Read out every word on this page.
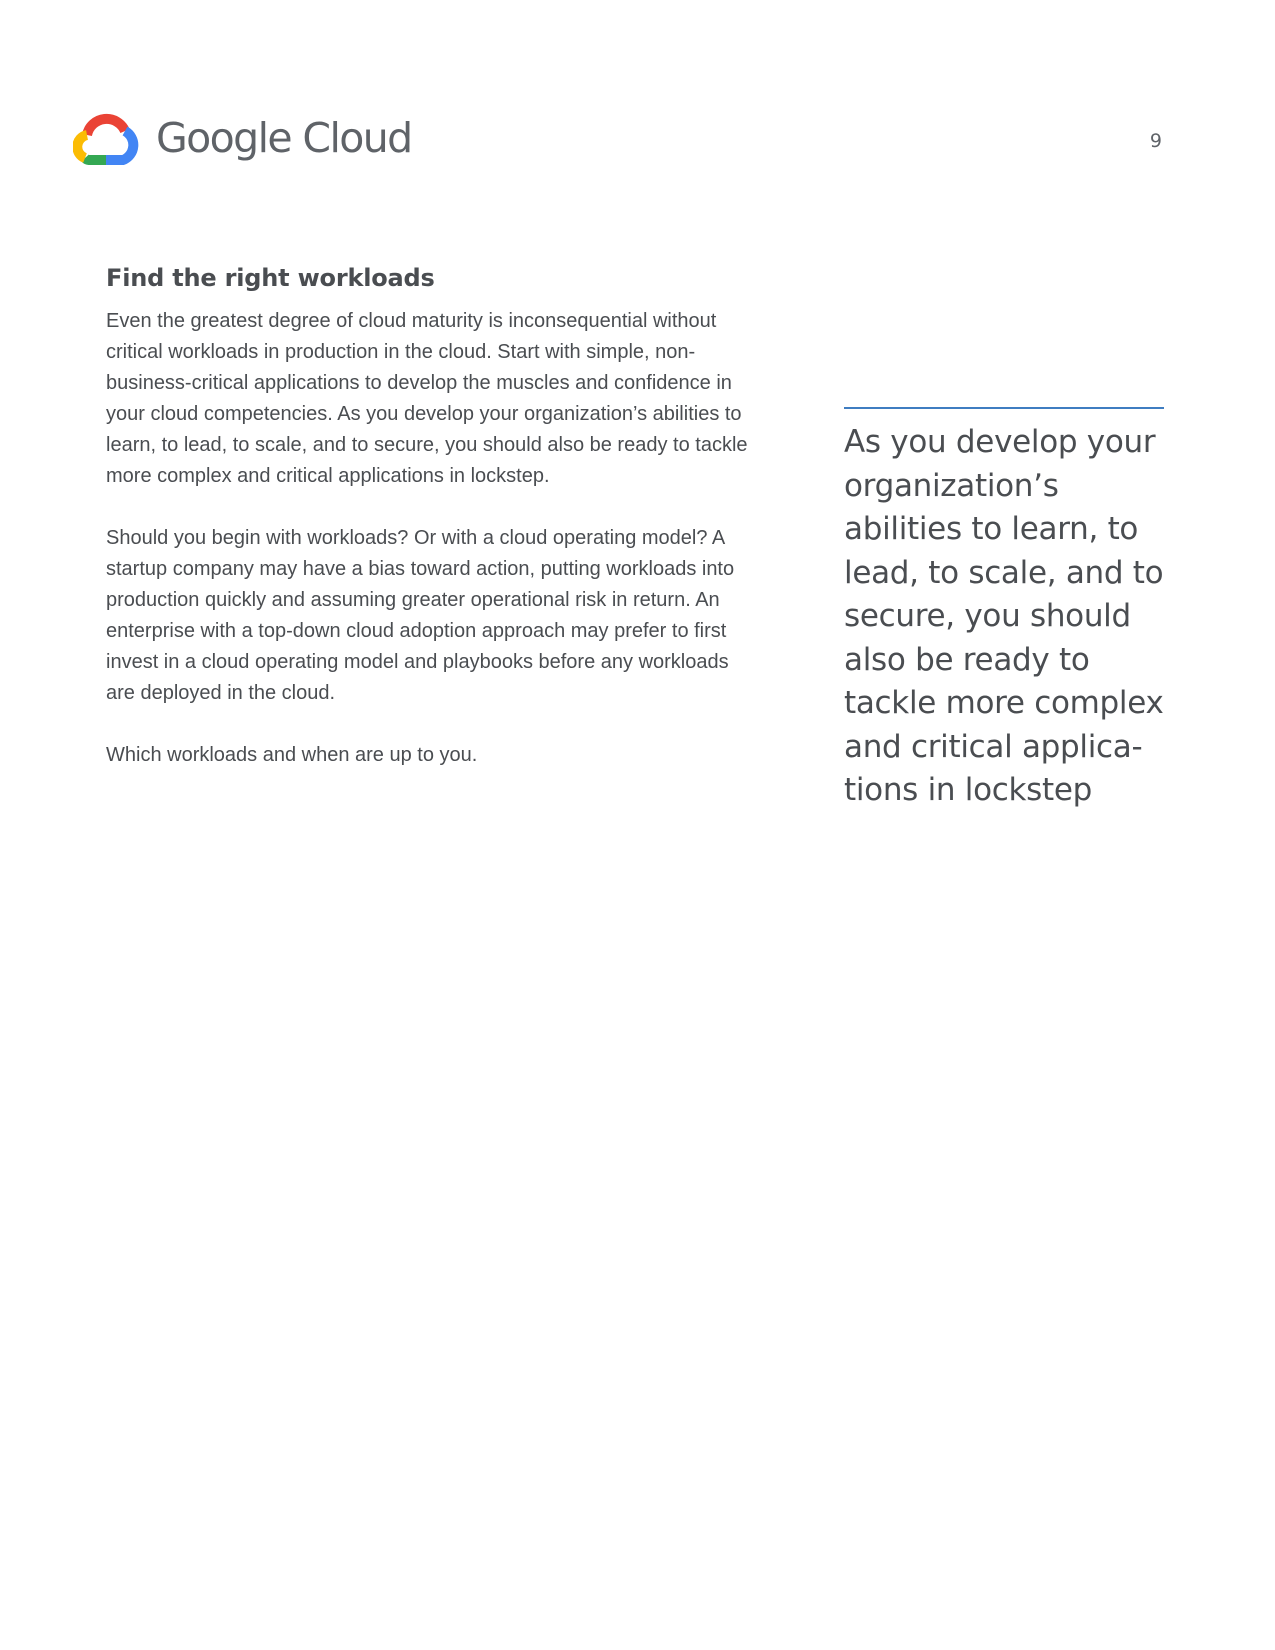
Google Cloud	9
Find the right workloads

Even the greatest degree of cloud maturity is inconsequential without critical workloads in production in the cloud. Start with simple, non-business-critical applications to develop the muscles and confidence in your cloud competencies. As you develop your organization’s abilities to learn, to lead, to scale, and to secure, you should also be ready to tackle more complex and critical applications in lockstep.

Should you begin with workloads? Or with a cloud operating model? A startup company may have a bias toward action, putting workloads into production quickly and assuming greater operational risk in return. An enterprise with a top-down cloud adoption approach may prefer to first invest in a cloud operating model and playbooks before any workloads are deployed in the cloud.

Which workloads and when are up to you.

As you develop your organization’s abilities to learn, to lead, to scale, and to secure, you should also be ready to tackle more complex and critical applications in lockstep
